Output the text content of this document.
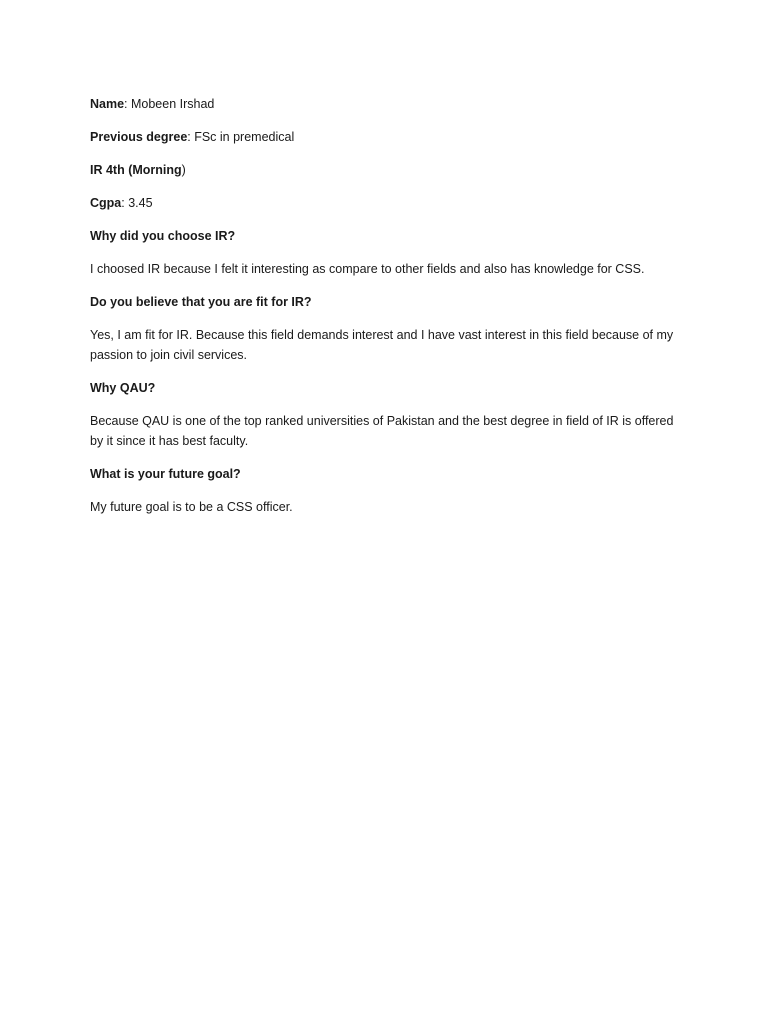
Name: Mobeen Irshad

Previous degree: FSc in premedical

IR 4th (Morning)

Cgpa: 3.45

Why did you choose IR?

I choosed IR because I felt it interesting as compare to other fields and also has knowledge for CSS.

Do you believe that you are fit for IR?

Yes, I am fit for IR. Because this field demands interest and I have vast interest in this field because of my passion to join civil services.

Why QAU?

Because QAU is one of the top ranked universities of Pakistan and the best degree in field of IR is offered by it since it has best faculty.

What is your future goal?

My future goal is to be a CSS officer.
